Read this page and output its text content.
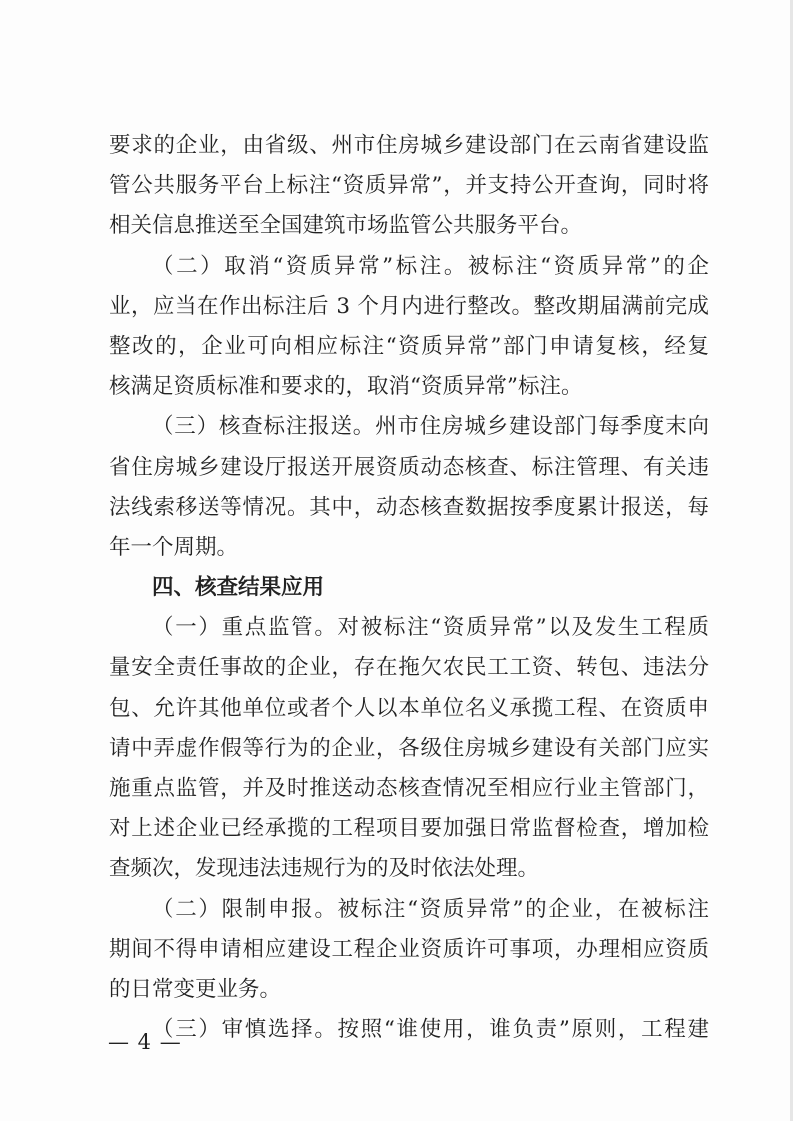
要求的企业，由省级、州市住房城乡建设部门在云南省建设监
管公共服务平台上标注“资质异常”，并支持公开查询，同时将
相关信息推送至全国建筑市场监管公共服务平台。
（二）取消“资质异常”标注。被标注“资质异常”的企
业，应当在作出标注后 3 个月内进行整改。整改期届满前完成
整改的，企业可向相应标注“资质异常”部门申请复核，经复
核满足资质标准和要求的，取消“资质异常”标注。
（三）核查标注报送。州市住房城乡建设部门每季度末向
省住房城乡建设厅报送开展资质动态核查、标注管理、有关违
法线索移送等情况。其中，动态核查数据按季度累计报送，每
年一个周期。
四、核查结果应用
（一）重点监管。对被标注“资质异常”以及发生工程质
量安全责任事故的企业，存在拖欠农民工工资、转包、违法分
包、允许其他单位或者个人以本单位名义承揽工程、在资质申
请中弄虚作假等行为的企业，各级住房城乡建设有关部门应实
施重点监管，并及时推送动态核查情况至相应行业主管部门，
对上述企业已经承揽的工程项目要加强日常监督检查，增加检
查频次，发现违法违规行为的及时依法处理。
（二）限制申报。被标注“资质异常”的企业，在被标注
期间不得申请相应建设工程企业资质许可事项，办理相应资质
的日常变更业务。
（三）审慎选择。按照“谁使用，谁负责”原则，工程建
— 4 —
